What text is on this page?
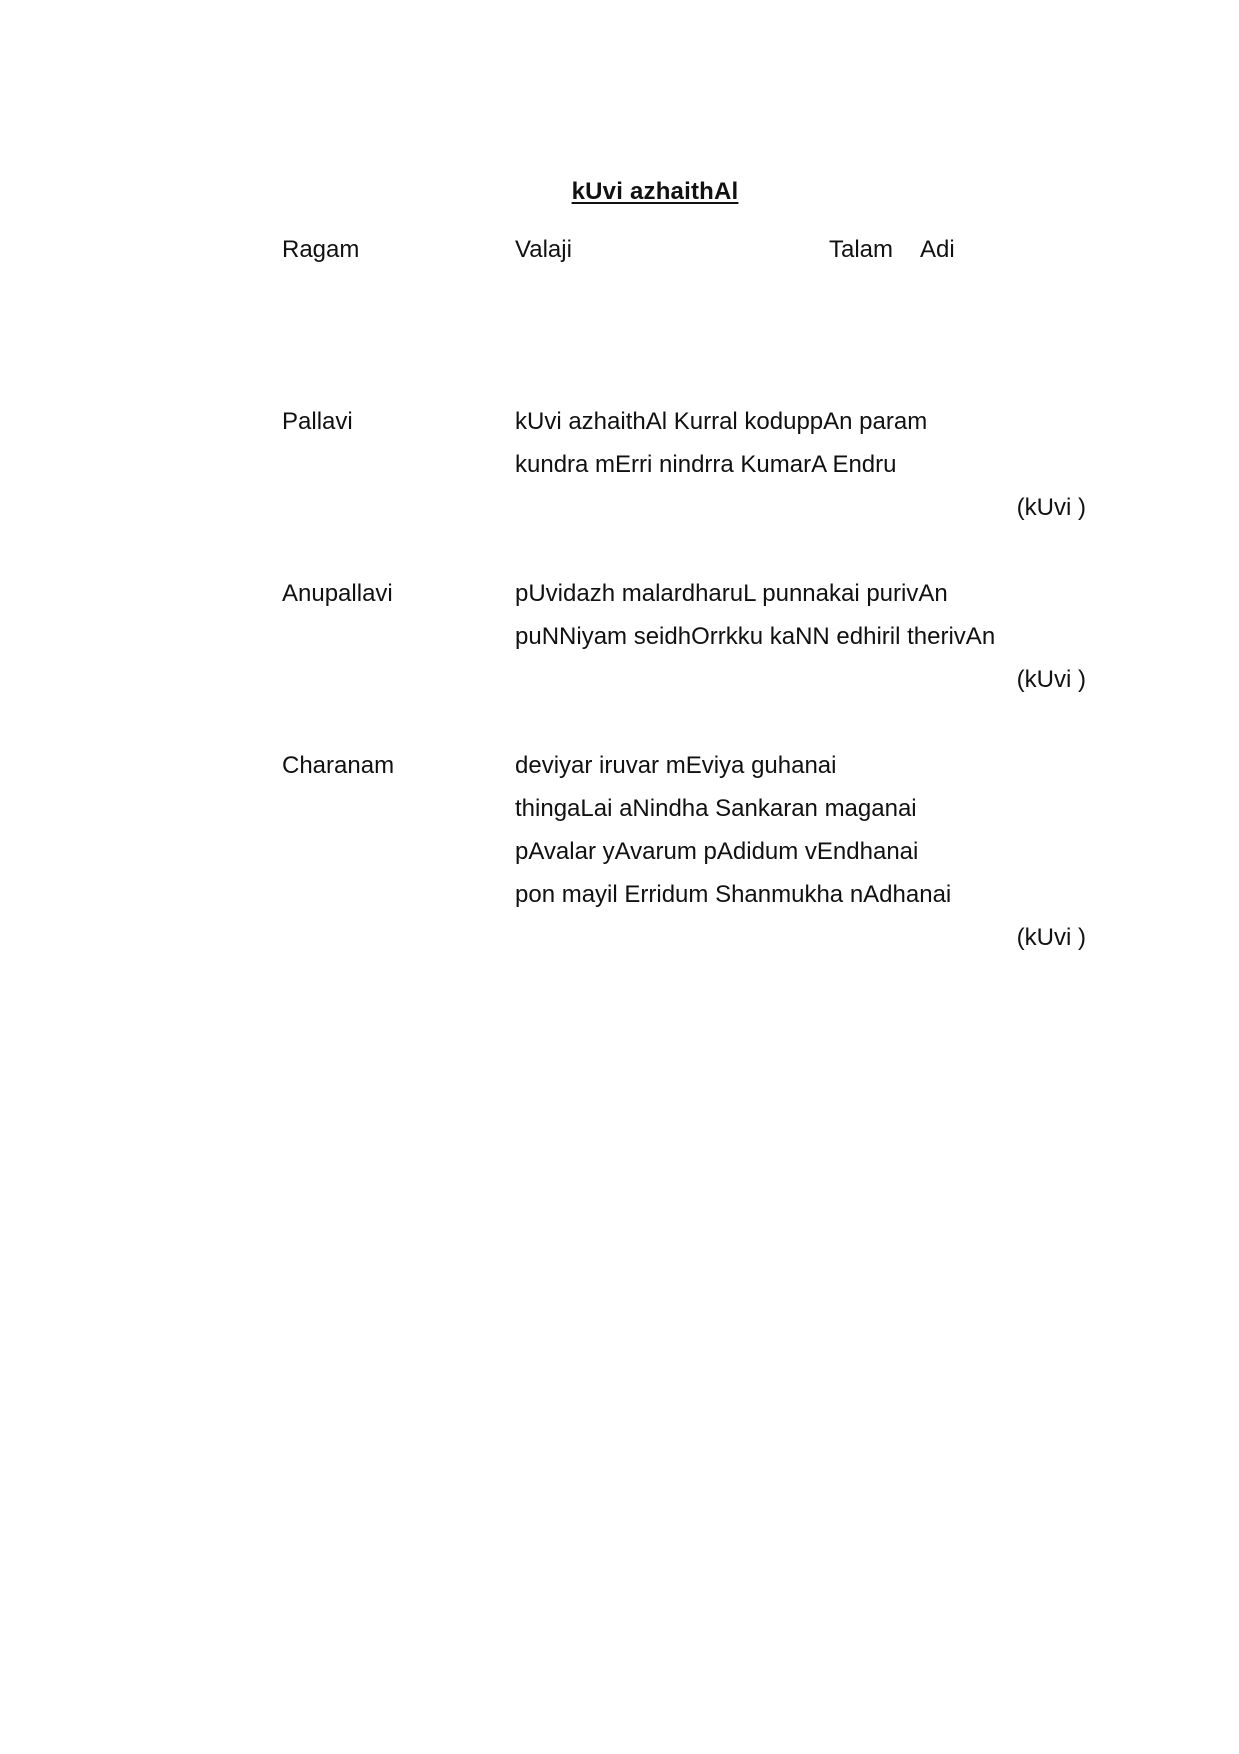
kUvi azhaithAl
Ragam	Valaji	Talam Adi
Pallavi	kUvi azhaithAl Kurral koduppAn param
kundra mErri nindrra KumarA Endru
(kUvi )
Anupallavi	pUvidazh malardharuL punnakai purivAn
puNNiyam seidhOrrkku kaNN edhiril therivAn
(kUvi )
Charanam	deviyar iruvar mEviya guhanai
thingaLai aNindha Sankaran maganai
pAvalar yAvarum pAdidum vEndhanai
pon mayil Erridum Shanmukha nAdhanai
(kUvi )
